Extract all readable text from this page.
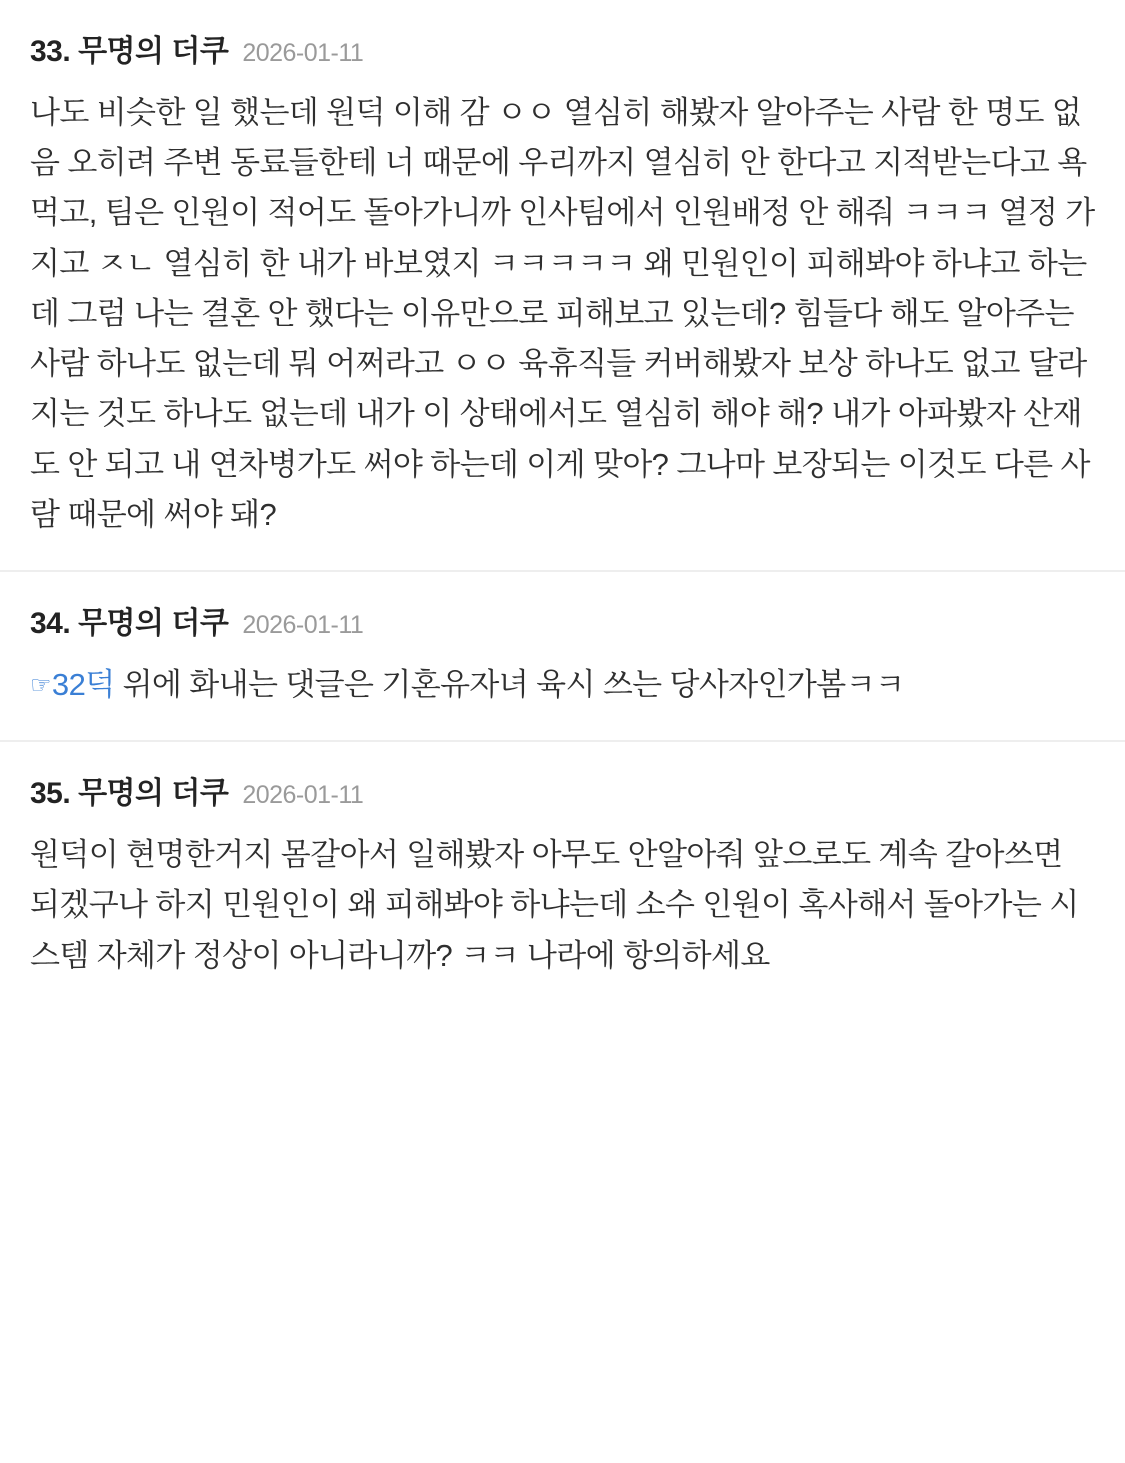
33. 무명의 더쿠 2026-01-11
나도 비슷한 일 했는데 원덕 이해 감 ㅇㅇ 열심히 해봤자 알아주는 사람 한 명도 없음 오히려 주변 동료들한테 너 때문에 우리까지 열심히 안 한다고 지적받는다고 욕먹고, 팀은 인원이 적어도 돌아가니까 인사팀에서 인원배정 안 해줘 ㅋㅋㅋ 열정 가지고 ㅈㄴ 열심히 한 내가 바보였지 ㅋㅋㅋㅋㅋ 왜 민원인이 피해봐야 하냐고 하는데 그럼 나는 결혼 안 했다는 이유만으로 피해보고 있는데? 힘들다 해도 알아주는 사람 하나도 없는데 뭐 어쩌라고 ㅇㅇ 육휴직들 커버해봤자 보상 하나도 없고 달라지는 것도 하나도 없는데 내가 이 상태에서도 열심히 해야 해? 내가 아파봤자 산재도 안 되고 내 연차병가도 써야 하는데 이게 맞아? 그나마 보장되는 이것도 다른 사람 때문에 써야 돼?
34. 무명의 더쿠 2026-01-11
☞32덕 위에 화내는 댓글은 기혼유자녀 육시 쓰는 당사자인가봄ㅋㅋ
35. 무명의 더쿠 2026-01-11
원덕이 현명한거지 몸갈아서 일해봤자 아무도 안알아줘 앞으로도 계속 갈아쓰면 되겠구나 하지 민원인이 왜 피해봐야 하냐는데 소수 인원이 혹사해서 돌아가는 시스템 자체가 정상이 아니라니까? ㅋㅋ 나라에 항의하세요
